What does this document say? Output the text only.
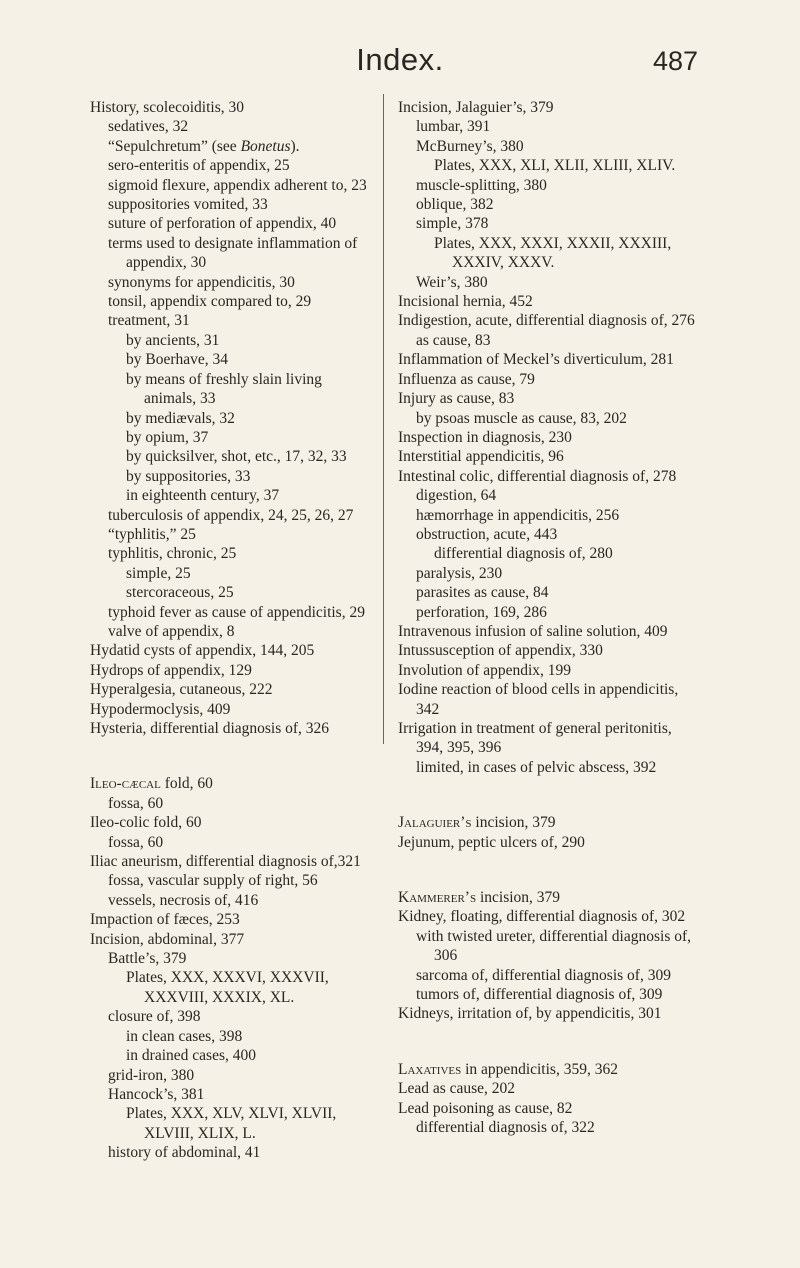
Index.	487
History, scolecoiditis, 30
sedatives, 32
“Sepulchretum” (see Bonetus).
sero-enteritis of appendix, 25
sigmoid flexure, appendix adherent to, 23
suppositories vomited, 33
suture of perforation of appendix, 40
terms used to designate inflammation of appendix, 30
synonyms for appendicitis, 30
tonsil, appendix compared to, 29
treatment, 31
by ancients, 31
by Boerhave, 34
by means of freshly slain living animals, 33
by mediævals, 32
by opium, 37
by quicksilver, shot, etc., 17, 32, 33
by suppositories, 33
in eighteenth century, 37
tuberculosis of appendix, 24, 25, 26, 27
“typhlitis,” 25
typhlitis, chronic, 25
simple, 25
stercoraceous, 25
typhoid fever as cause of appendicitis, 29
valve of appendix, 8
Hydatid cysts of appendix, 144, 205
Hydrops of appendix, 129
Hyperalgesia, cutaneous, 222
Hypodermoclysis, 409
Hysteria, differential diagnosis of, 326
Ileo-cæcal fold, 60
fossa, 60
Ileo-colic fold, 60
fossa, 60
Iliac aneurism, differential diagnosis of,321
fossa, vascular supply of right, 56
vessels, necrosis of, 416
Impaction of fæces, 253
Incision, abdominal, 377
Battle’s, 379
Plates, XXX, XXXVI, XXXVII, XXXVIII, XXXIX, XL.
closure of, 398
in clean cases, 398
in drained cases, 400
grid-iron, 380
Hancock’s, 381
Plates, XXX, XLV, XLVI, XLVII, XLVIII, XLIX, L.
history of abdominal, 41
Incision, Jalaguier’s, 379
lumbar, 391
McBurney’s, 380
Plates, XXX, XLI, XLII, XLIII, XLIV.
muscle-splitting, 380
oblique, 382
simple, 378
Plates, XXX, XXXI, XXXII, XXXIII, XXXIV, XXXV.
Weir’s, 380
Incisional hernia, 452
Indigestion, acute, differential diagnosis of, 276
as cause, 83
Inflammation of Meckel’s diverticulum, 281
Influenza as cause, 79
Injury as cause, 83
by psoas muscle as cause, 83, 202
Inspection in diagnosis, 230
Interstitial appendicitis, 96
Intestinal colic, differential diagnosis of, 278
digestion, 64
hæmorrhage in appendicitis, 256
obstruction, acute, 443
differential diagnosis of, 280
paralysis, 230
parasites as cause, 84
perforation, 169, 286
Intravenous infusion of saline solution, 409
Intussusception of appendix, 330
Involution of appendix, 199
Iodine reaction of blood cells in appendicitis, 342
Irrigation in treatment of general peritonitis, 394, 395, 396
limited, in cases of pelvic abscess, 392
Jalaguier’s incision, 379
Jejunum, peptic ulcers of, 290
Kammerer’s incision, 379
Kidney, floating, differential diagnosis of, 302
with twisted ureter, differential diagnosis of, 306
sarcoma of, differential diagnosis of, 309
tumors of, differential diagnosis of, 309
Kidneys, irritation of, by appendicitis, 301
Laxatives in appendicitis, 359, 362
Lead as cause, 202
Lead poisoning as cause, 82
differential diagnosis of, 322
